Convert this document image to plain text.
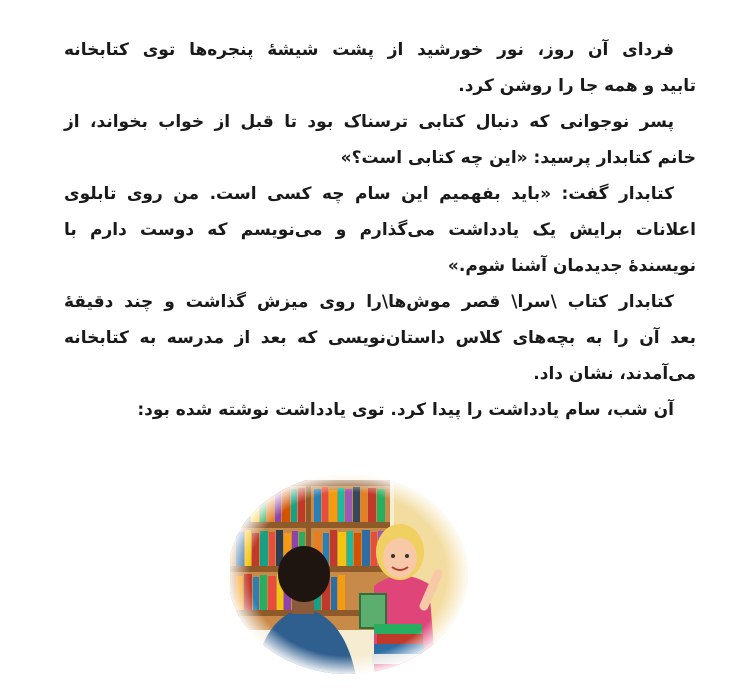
فردای آن روز، نور خورشید از پشت شیشهٔ پنجره‌ها توی کتابخانه
تابید و همه جا را روشن کرد.
پسر نوجوانی که دنبال کتابی ترسناک بود تا قبل از خواب بخواند، از
خانم کتابدار پرسید: «این چه کتابی است؟»
کتابدار گفت: «باید بفهمیم این سام چه کسی است. من روی تابلوی
اعلانات برایش یک یادداشت می‌گذارم و می‌نویسم که دوست دارم با
نویسندهٔ جدیدمان آشنا شوم.»
کتابدار کتاب \سرا\ قصر موش‌ها\را روی میزش گذاشت و چند دقیقهٔ
بعد آن را به بچه‌های کلاس داستان‌نویسی که بعد از مدرسه به کتابخانه
می‌آمدند، نشان داد.
آن شب، سام یادداشت را پیدا کرد. توی یادداشت نوشته شده بود:
